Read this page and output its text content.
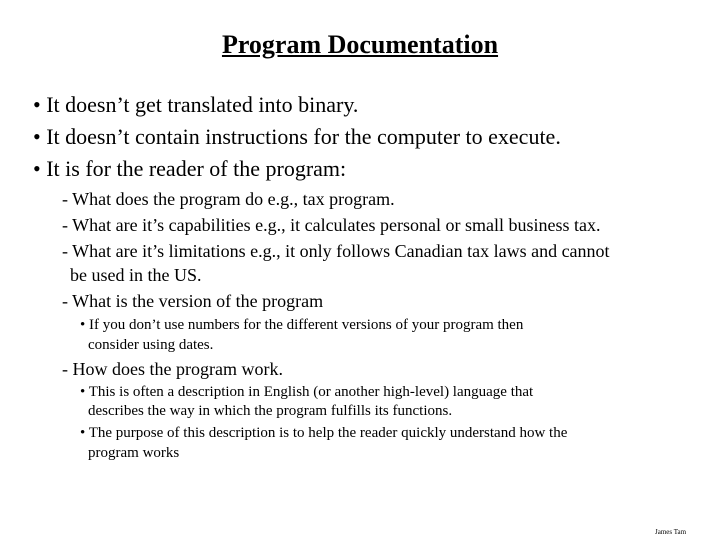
Program Documentation
• It doesn’t get translated into binary.
• It doesn’t contain instructions for the computer to execute.
• It is for the reader of the program:
- What does the program do e.g., tax program.
- What are it’s capabilities e.g., it calculates personal or small business tax.
- What are it’s limitations e.g., it only follows Canadian tax laws and cannot
be used in the US.
- What is the version of the program
• If you don’t use numbers for the different versions of your program then
consider using dates.
- How does the program work.
• This is often a description in English (or another high-level) language that
describes the way in which the program fulfills its functions.
• The purpose of this description is to help the reader quickly understand how the
program works
James Tam
